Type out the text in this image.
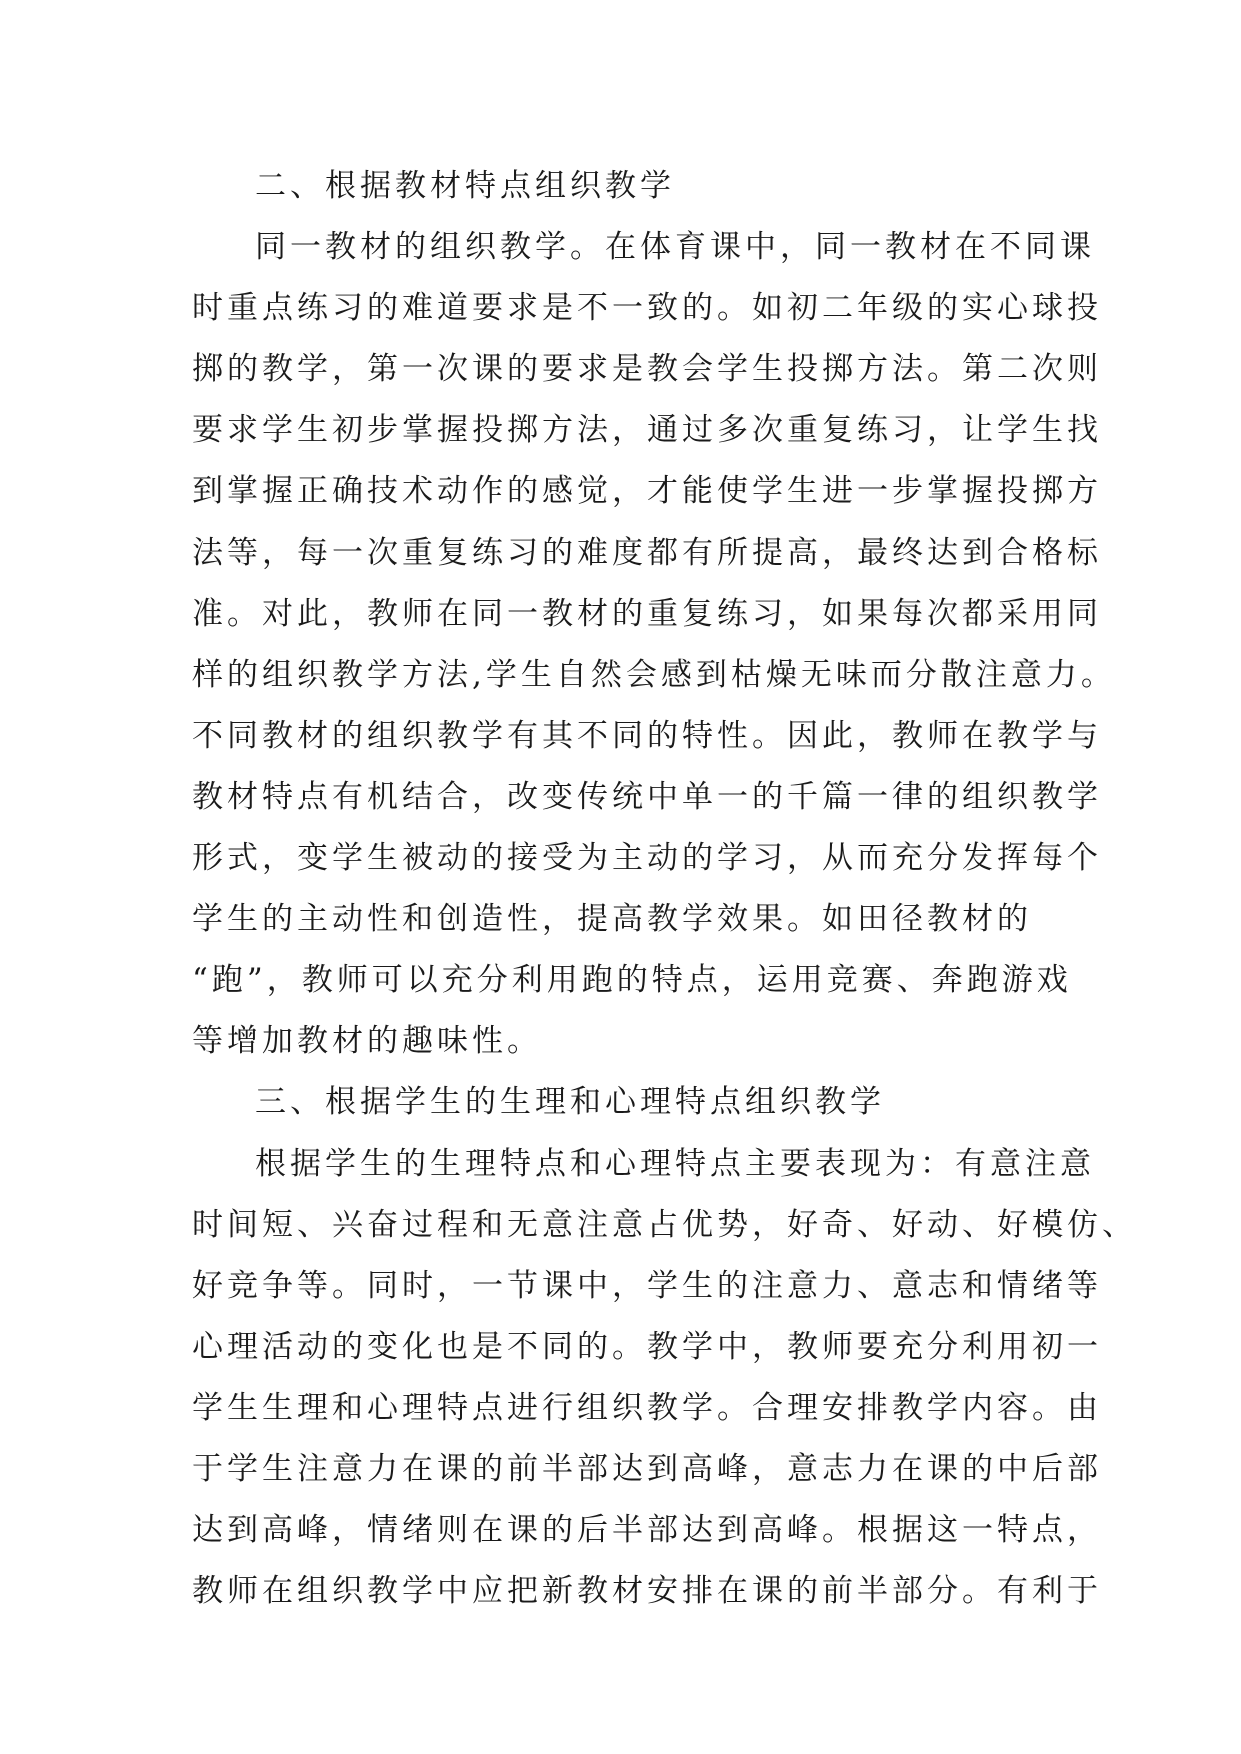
二、根据教材特点组织教学
同一教材的组织教学。在体育课中，同一教材在不同课
时重点练习的难道要求是不一致的。如初二年级的实心球投
掷的教学，第一次课的要求是教会学生投掷方法。第二次则
要求学生初步掌握投掷方法，通过多次重复练习，让学生找
到掌握正确技术动作的感觉，才能使学生进一步掌握投掷方
法等，每一次重复练习的难度都有所提高，最终达到合格标
准。对此，教师在同一教材的重复练习，如果每次都采用同
样的组织教学方法,学生自然会感到枯燥无味而分散注意力。
不同教材的组织教学有其不同的特性。因此，教师在教学与
教材特点有机结合，改变传统中单一的千篇一律的组织教学
形式，变学生被动的接受为主动的学习，从而充分发挥每个
学生的主动性和创造性，提高教学效果。如田径教材的
“跑”，教师可以充分利用跑的特点，运用竞赛、奔跑游戏
等增加教材的趣味性。
三、根据学生的生理和心理特点组织教学
根据学生的生理特点和心理特点主要表现为：有意注意
时间短、兴奋过程和无意注意占优势，好奇、好动、好模仿、
好竞争等。同时，一节课中，学生的注意力、意志和情绪等
心理活动的变化也是不同的。教学中，教师要充分利用初一
学生生理和心理特点进行组织教学。合理安排教学内容。由
于学生注意力在课的前半部达到高峰，意志力在课的中后部
达到高峰，情绪则在课的后半部达到高峰。根据这一特点，
教师在组织教学中应把新教材安排在课的前半部分。有利于
